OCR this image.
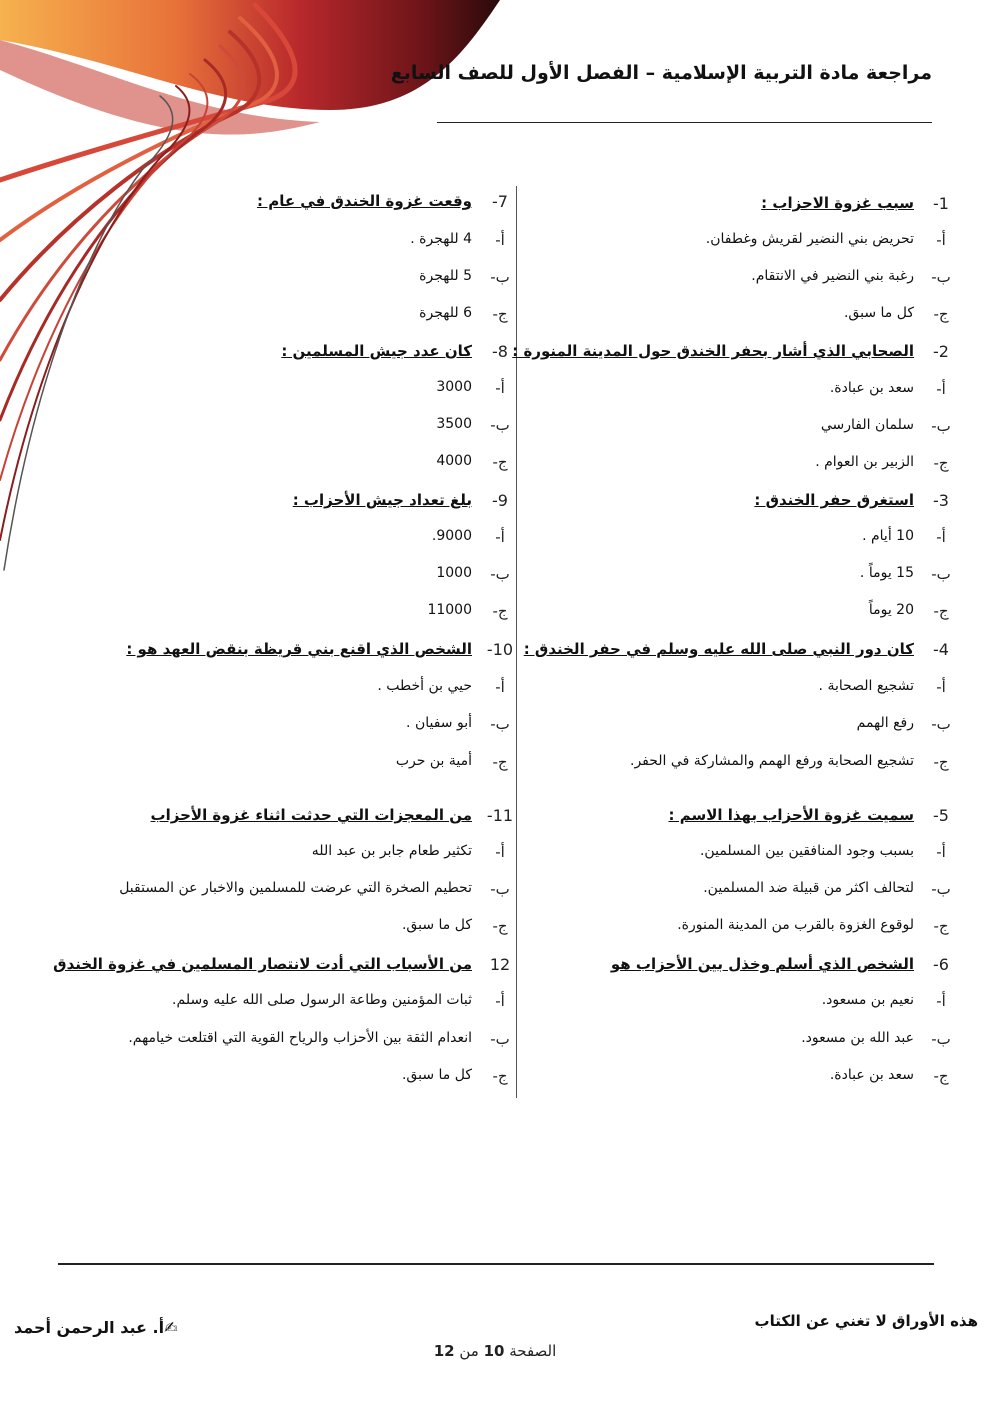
مراجعة مادة التربية الإسلامية – الفصل الأول للصف السابع
1-
سبب غزوة الاحزاب :
أ-
تحريض بني النضير لقريش وغطفان.
ب-
رغبة بني النضير في الانتقام.
ج-
كل ما سبق.
2-
الصحابي الذي أشار بحفر الخندق حول المدينة المنورة :
أ-
سعد بن عبادة.
ب-
سلمان الفارسي
ج-
الزبير بن العوام .
3-
استغرق حفر الخندق :
أ-
10 أيام .
ب-
15 يوماً .
ج-
20 يوماً
4-
كان دور النبي صلى الله عليه وسلم في حفر الخندق :
أ-
تشجيع الصحابة .
ب-
رفع الهمم
ج-
تشجيع الصحابة ورفع الهمم والمشاركة في الحفر.
5-
سميت غزوة الأحزاب بهذا الاسم :
أ-
بسبب وجود المنافقين بين المسلمين.
ب-
لتحالف اكثر من قبيلة ضد المسلمين.
ج-
لوقوع الغزوة بالقرب من المدينة المنورة.
6-
الشخص الذي أسلم وخذل بين الأحزاب هو
أ-
نعيم بن مسعود.
ب-
عبد الله بن مسعود.
ج-
سعد بن عبادة.
7-
وقعت غزوة الخندق في عام :
أ-
4 للهجرة .
ب-
5 للهجرة
ج-
6 للهجرة
8-
كان عدد جيش المسلمين :
أ-
3000
ب-
3500
ج-
4000
9-
بلغ تعداد جيش الأحزاب :
أ-
9000.
ب-
1000
ج-
11000
10-
الشخص الذي اقنع بني قريظة بنقض العهد هو :
أ-
حيي بن أخطب .
ب-
أبو سفيان .
ج-
أمية بن حرب
11-
من المعجزات التي حدثت اثناء غزوة الأحزاب
أ-
تكثير طعام جابر بن عبد الله
ب-
تحطيم الصخرة التي عرضت للمسلمين والاخبار عن المستقبل
ج-
كل ما سبق.
12
من الأسباب التي أدت لانتصار المسلمين في غزوة الخندق
أ-
ثبات المؤمنين وطاعة الرسول صلى الله عليه وسلم.
ب-
انعدام الثقة بين الأحزاب والرياح القوية التي اقتلعت خيامهم.
ج-
كل ما سبق.
هذه الأوراق لا تغني عن الكتاب
✍أ. عبد الرحمن أحمد
الصفحة 10 من 12
